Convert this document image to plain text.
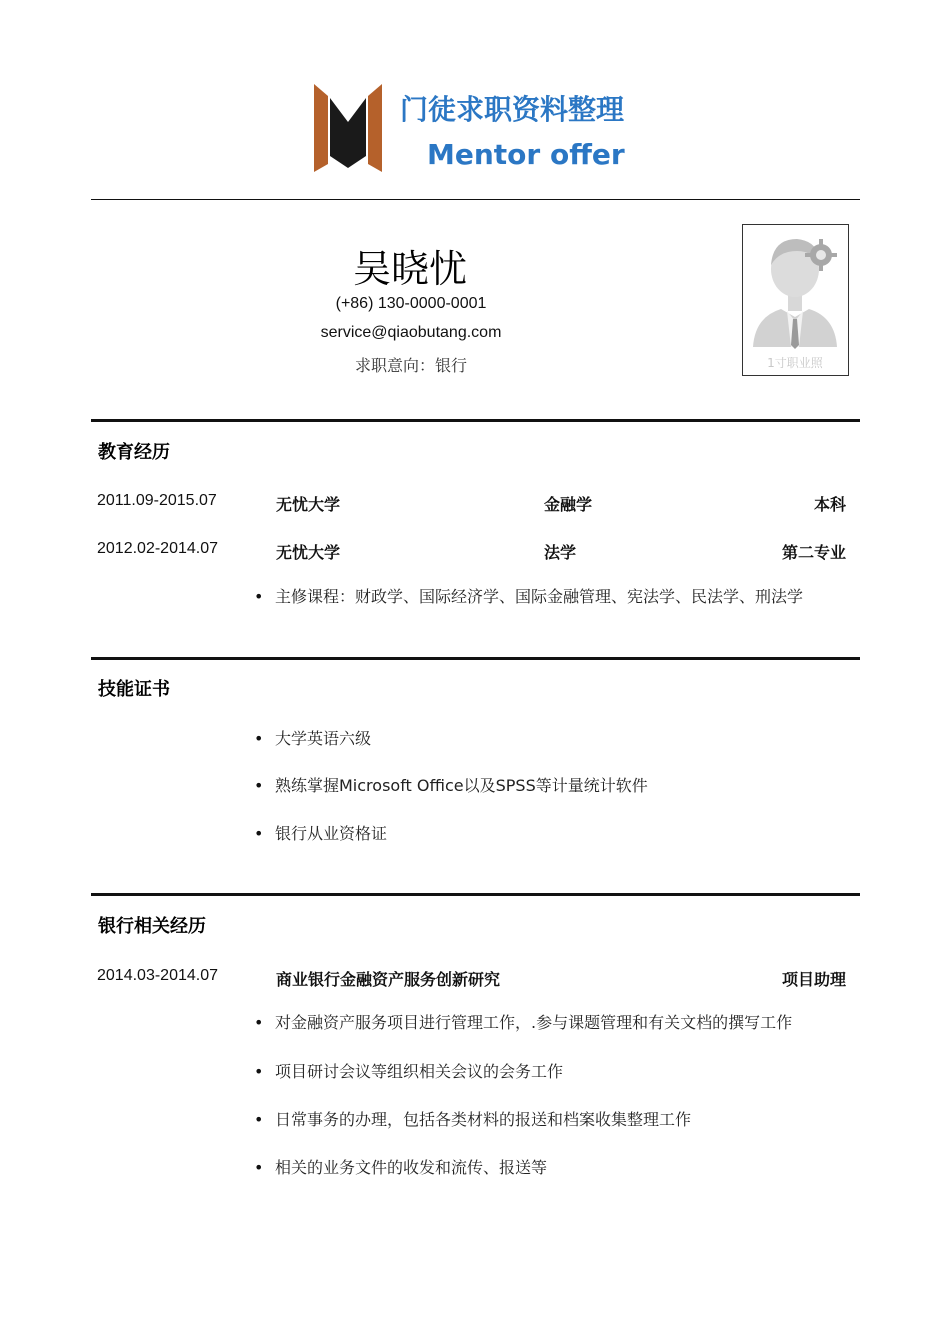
门徒求职资料整理
Mentor offer
吴晓忧
(+86) 130-0000-0001
service@qiaobutang.com
求职意向：银行	1寸职业照
教育经历
2011.09-2015.07	无忧大学	金融学	本科
2012.02-2014.07	无忧大学	法学	第二专业
• 主修课程：财政学、国际经济学、国际金融管理、宪法学、民法学、刑法学
技能证书
• 大学英语六级
• 熟练掌握Microsoft Office以及SPSS等计量统计软件
• 银行从业资格证
银行相关经历
2014.03-2014.07	商业银行金融资产服务创新研究	项目助理
• 对金融资产服务项目进行管理工作，.参与课题管理和有关文档的撰写工作
• 项目研讨会议等组织相关会议的会务工作
• 日常事务的办理，包括各类材料的报送和档案收集整理工作
• 相关的业务文件的收发和流传、报送等
